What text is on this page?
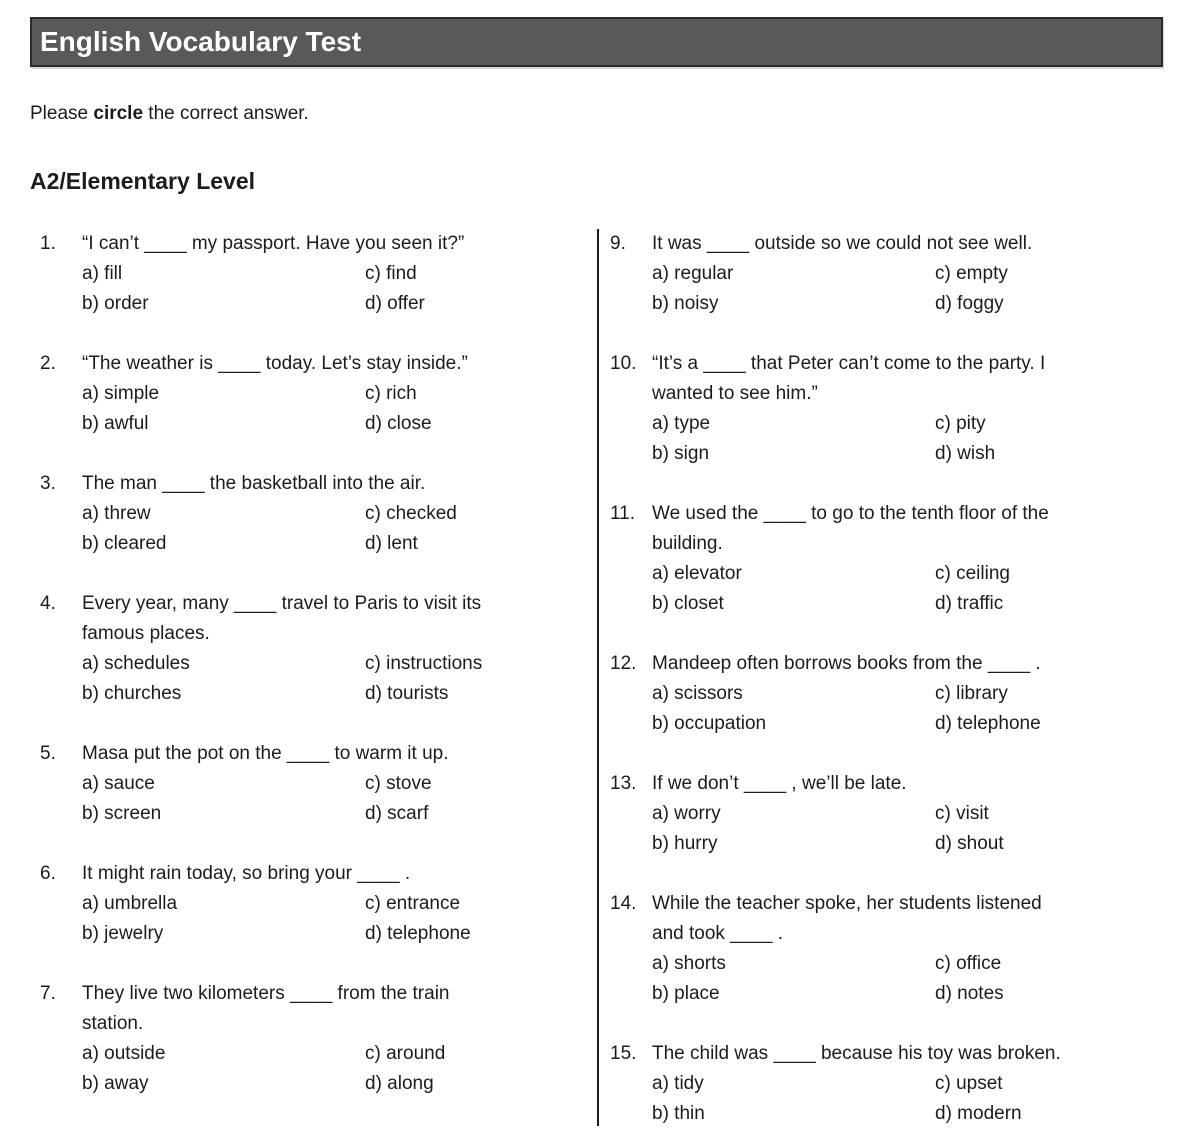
English Vocabulary Test
Please circle the correct answer.
A2/Elementary Level
1.	“I can’t ____ my passport. Have you seen it?”
a) fill	c) find
b) order	d) offer
2.	“The weather is ____ today. Let’s stay inside.”
a) simple	c) rich
b) awful	d) close
3.	The man ____ the basketball into the air.
a) threw	c) checked
b) cleared	d) lent
4.	Every year, many ____ travel to Paris to visit its
famous places.
a) schedules	c) instructions
b) churches	d) tourists
5.	Masa put the pot on the ____ to warm it up.
a) sauce	c) stove
b) screen	d) scarf
6.	It might rain today, so bring your ____ .
a) umbrella	c) entrance
b) jewelry	d) telephone
7.	They live two kilometers ____ from the train
station.
a) outside	c) around
b) away	d) along
9.	It was ____ outside so we could not see well.
a) regular	c) empty
b) noisy	d) foggy
10. “It’s a ____ that Peter can’t come to the party. I
wanted to see him.”
a) type	c) pity
b) sign	d) wish
11. We used the ____ to go to the tenth floor of the
building.
a) elevator	c) ceiling
b) closet	d) traffic
12. Mandeep often borrows books from the ____ .
a) scissors	c) library
b) occupation	d) telephone
13. If we don’t ____ , we’ll be late.
a) worry	c) visit
b) hurry	d) shout
14. While the teacher spoke, her students listened
and took ____ .
a) shorts	c) office
b) place	d) notes
15. The child was ____ because his toy was broken.
a) tidy	c) upset
b) thin	d) modern
